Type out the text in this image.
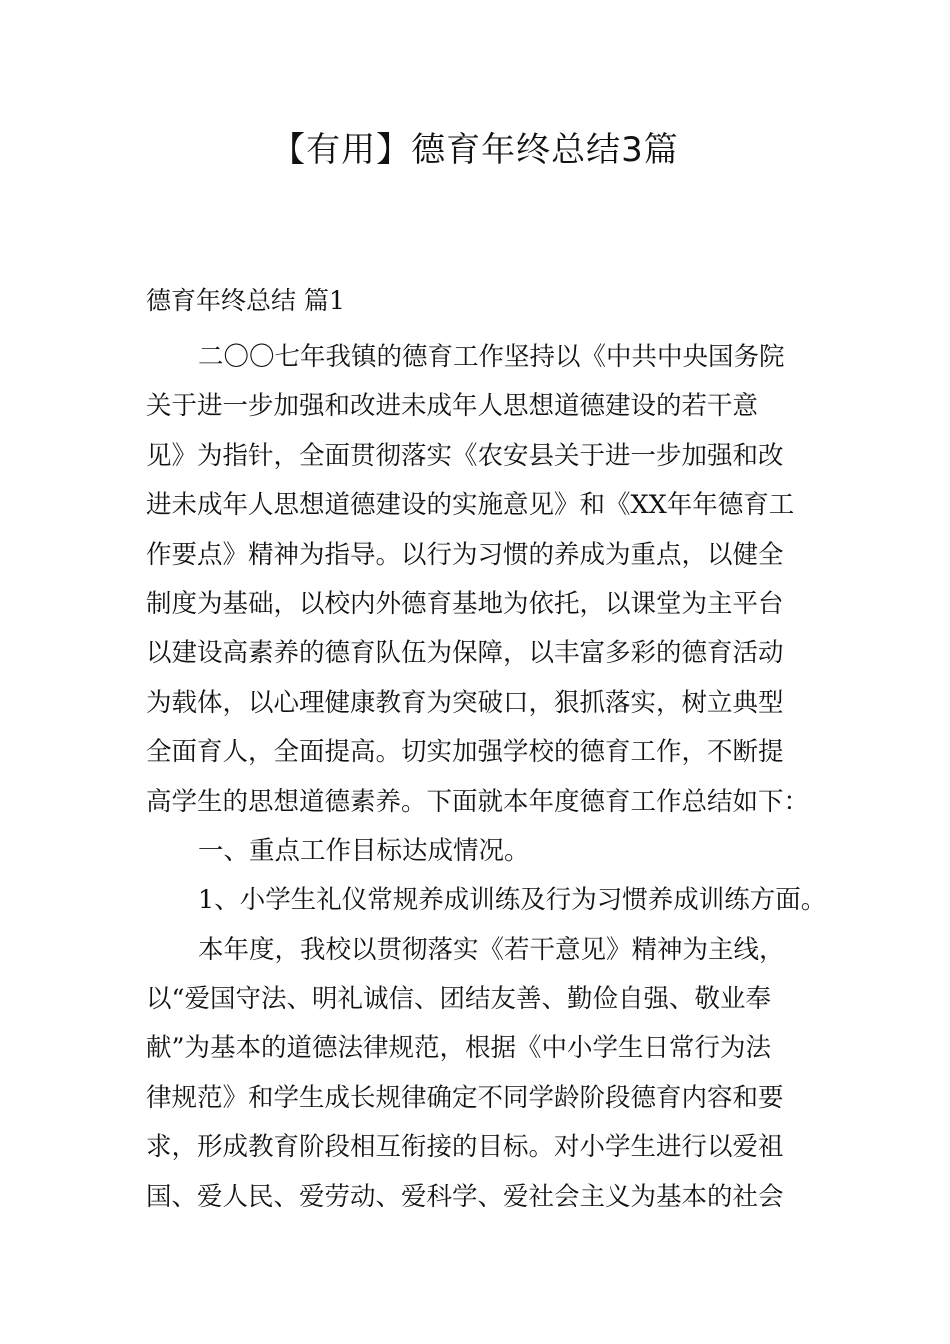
【有用】德育年终总结3篇
德育年终总结 篇1
二〇〇七年我镇的德育工作坚持以《中共中央国务院
关于进一步加强和改进未成年人思想道德建设的若干意
见》为指针，全面贯彻落实《农安县关于进一步加强和改
进未成年人思想道德建设的实施意见》和《XX年年德育工
作要点》精神为指导。以行为习惯的养成为重点，以健全
制度为基础，以校内外德育基地为依托，以课堂为主平台
以建设高素养的德育队伍为保障，以丰富多彩的德育活动
为载体，以心理健康教育为突破口，狠抓落实，树立典型
全面育人，全面提高。切实加强学校的德育工作，不断提
高学生的思想道德素养。下面就本年度德育工作总结如下：
一、重点工作目标达成情况。
1、小学生礼仪常规养成训练及行为习惯养成训练方面。
本年度，我校以贯彻落实《若干意见》精神为主线，
以“爱国守法、明礼诚信、团结友善、勤俭自强、敬业奉
献”为基本的道德法律规范，根据《中小学生日常行为法
律规范》和学生成长规律确定不同学龄阶段德育内容和要
求，形成教育阶段相互衔接的目标。对小学生进行以爱祖
国、爱人民、爱劳动、爱科学、爱社会主义为基本的社会
